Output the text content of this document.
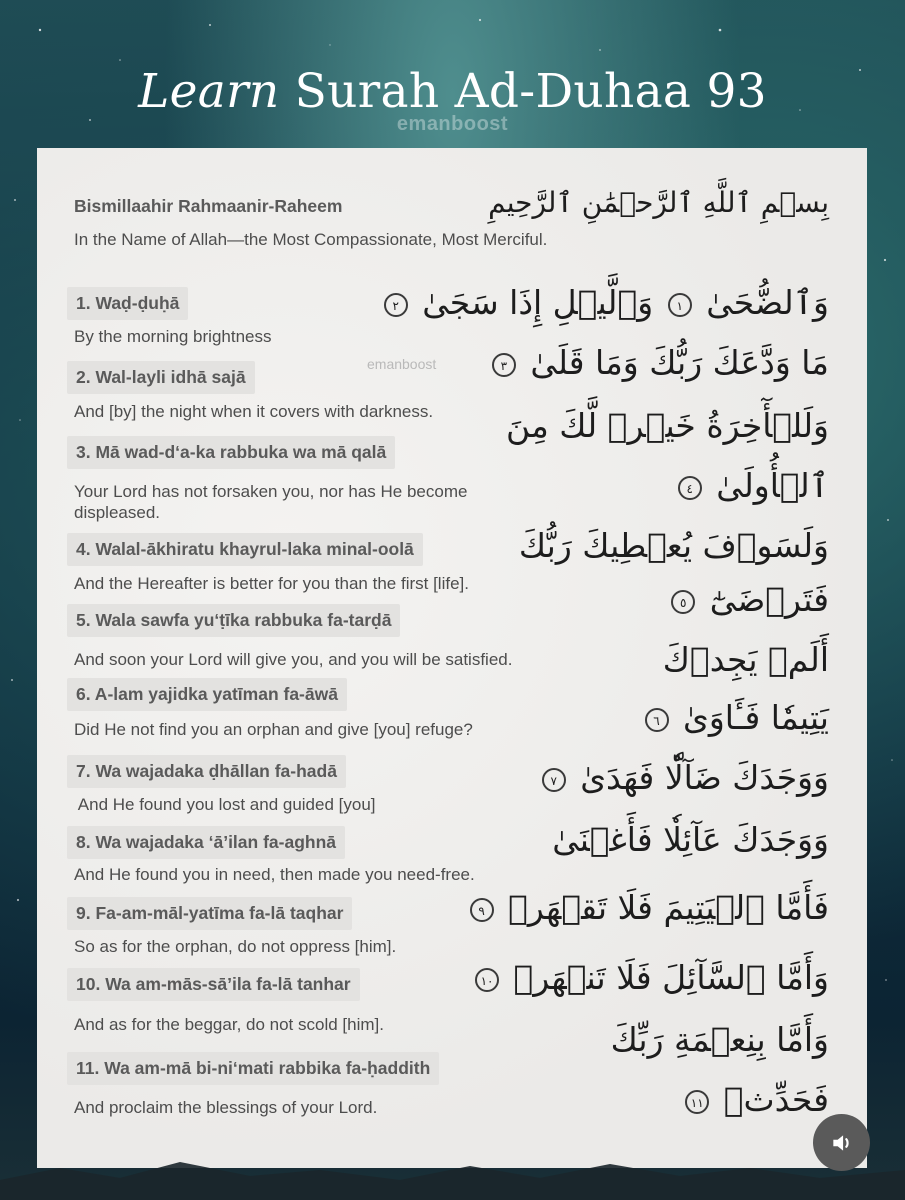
Learn Surah Ad-Duhaa 93
emanboost
emanboost
Bismillaahir Rahmaanir-Raheem
In the Name of Allah—the Most Compassionate, Most Merciful.
بِسۡمِ ٱللَّهِ ٱلرَّحۡمَٰنِ ٱلرَّحِيمِ
1. Waḍ-ḍuḥā
By the morning brightness
2. Wal-layli idhā sajā
And [by] the night when it covers with darkness.
3. Mā wad-d‘a-ka rabbuka wa mā qalā
Your Lord has not forsaken you, nor has He become displeased.
4. Walal-ākhiratu khayrul-laka minal-oolā
And the Hereafter is better for you than the first [life].
5. Wala sawfa yu‘ṭīka rabbuka fa-tarḍā
And soon your Lord will give you, and you will be satisfied.
6. A-lam yajidka yatīman fa-āwā
Did He not find you an orphan and give [you] refuge?
7. Wa wajadaka ḍhāllan fa-hadā
And He found you lost and guided [you]
8. Wa wajadaka ‘ā’ilan fa-aghnā
And He found you in need, then made you need-free.
9. Fa-am-māl-yatīma fa-lā taqhar
So as for the orphan, do not oppress [him].
10. Wa am-mās-sā’ila fa-lā tanhar
And as for the beggar, do not scold [him].
11. Wa am-mā bi-ni‘mati rabbika fa-ḥaddith
And proclaim the blessings of your Lord.
وَٱلضُّحَىٰ ١ وَٱلَّيۡلِ إِذَا سَجَىٰ ٢
مَا وَدَّعَكَ رَبُّكَ وَمَا قَلَىٰ ٣
وَلَلۡأٓخِرَةُ خَيۡرٞ لَّكَ مِنَ
ٱلۡأُولَىٰ ٤
وَلَسَوۡفَ يُعۡطِيكَ رَبُّكَ
فَتَرۡضَىٰٓ ٥
أَلَمۡ يَجِدۡكَ
يَتِيمٗا فَـَٔاوَىٰ ٦
وَوَجَدَكَ ضَآلّٗا فَهَدَىٰ ٧
وَوَجَدَكَ عَآئِلٗا فَأَغۡنَىٰ
فَأَمَّا ٱلۡيَتِيمَ فَلَا تَقۡهَرۡ ٩
وَأَمَّا ٱلسَّآئِلَ فَلَا تَنۡهَرۡ ١٠
وَأَمَّا بِنِعۡمَةِ رَبِّكَ
فَحَدِّثۡ ١١
